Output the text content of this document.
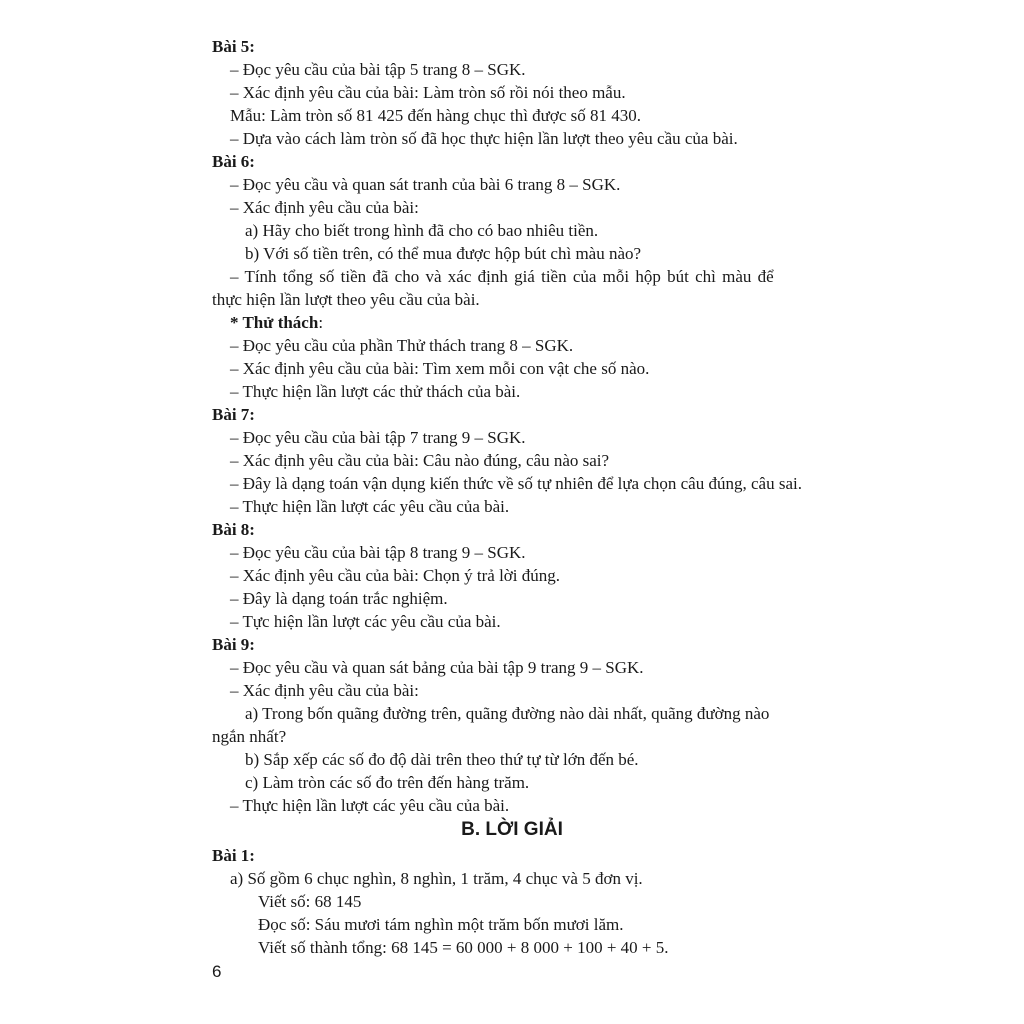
Bài 5:
– Đọc yêu cầu của bài tập 5 trang 8 – SGK.
– Xác định yêu cầu của bài: Làm tròn số rồi nói theo mẫu.
Mẫu: Làm tròn số 81 425 đến hàng chục thì được số 81 430.
– Dựa vào cách làm tròn số đã học thực hiện lần lượt theo yêu cầu của bài.
Bài 6:
– Đọc yêu cầu và quan sát tranh của bài 6 trang 8 – SGK.
– Xác định yêu cầu của bài:
a) Hãy cho biết trong hình đã cho có bao nhiêu tiền.
b) Với số tiền trên, có thể mua được hộp bút chì màu nào?
– Tính tổng số tiền đã cho và xác định giá tiền của mỗi hộp bút chì màu để
thực hiện lần lượt theo yêu cầu của bài.
* Thử thách:
– Đọc yêu cầu của phần Thử thách trang 8 – SGK.
– Xác định yêu cầu của bài: Tìm xem mỗi con vật che số nào.
– Thực hiện lần lượt các thử thách của bài.
Bài 7:
– Đọc yêu cầu của bài tập 7 trang 9 – SGK.
– Xác định yêu cầu của bài: Câu nào đúng, câu nào sai?
– Đây là dạng toán vận dụng kiến thức về số tự nhiên để lựa chọn câu đúng, câu sai.
– Thực hiện lần lượt các yêu cầu của bài.
Bài 8:
– Đọc yêu cầu của bài tập 8 trang 9 – SGK.
– Xác định yêu cầu của bài: Chọn ý trả lời đúng.
– Đây là dạng toán trắc nghiệm.
– Tực hiện lần lượt các yêu cầu của bài.
Bài 9:
– Đọc yêu cầu và quan sát bảng của bài tập 9 trang 9 – SGK.
– Xác định yêu cầu của bài:
a) Trong bốn quãng đường trên, quãng đường nào dài nhất, quãng đường nào
ngắn nhất?
b) Sắp xếp các số đo độ dài trên theo thứ tự từ lớn đến bé.
c) Làm tròn các số đo trên đến hàng trăm.
– Thực hiện lần lượt các yêu cầu của bài.
B. LỜI GIẢI
Bài 1:
a) Số gồm 6 chục nghìn, 8 nghìn, 1 trăm, 4 chục và 5 đơn vị.
Viết số: 68 145
Đọc số: Sáu mươi tám nghìn một trăm bốn mươi lăm.
Viết số thành tổng: 68 145 = 60 000 + 8 000 + 100 + 40 + 5.
6
